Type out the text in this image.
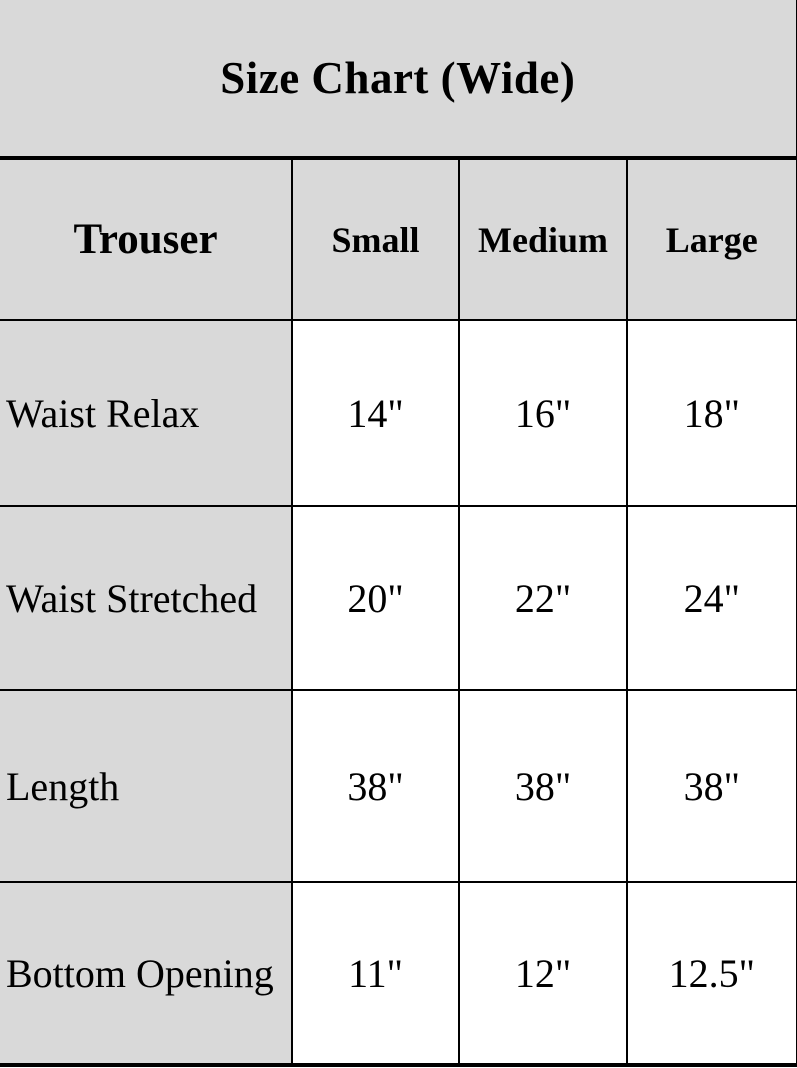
Size Chart (Wide)			
Trouser	Small	Medium	Large
Waist Relax	14"	16"	18"
Waist Stretched	20"	22"	24"
Length	38"	38"	38"
Bottom Opening	11"	12"	12.5"
